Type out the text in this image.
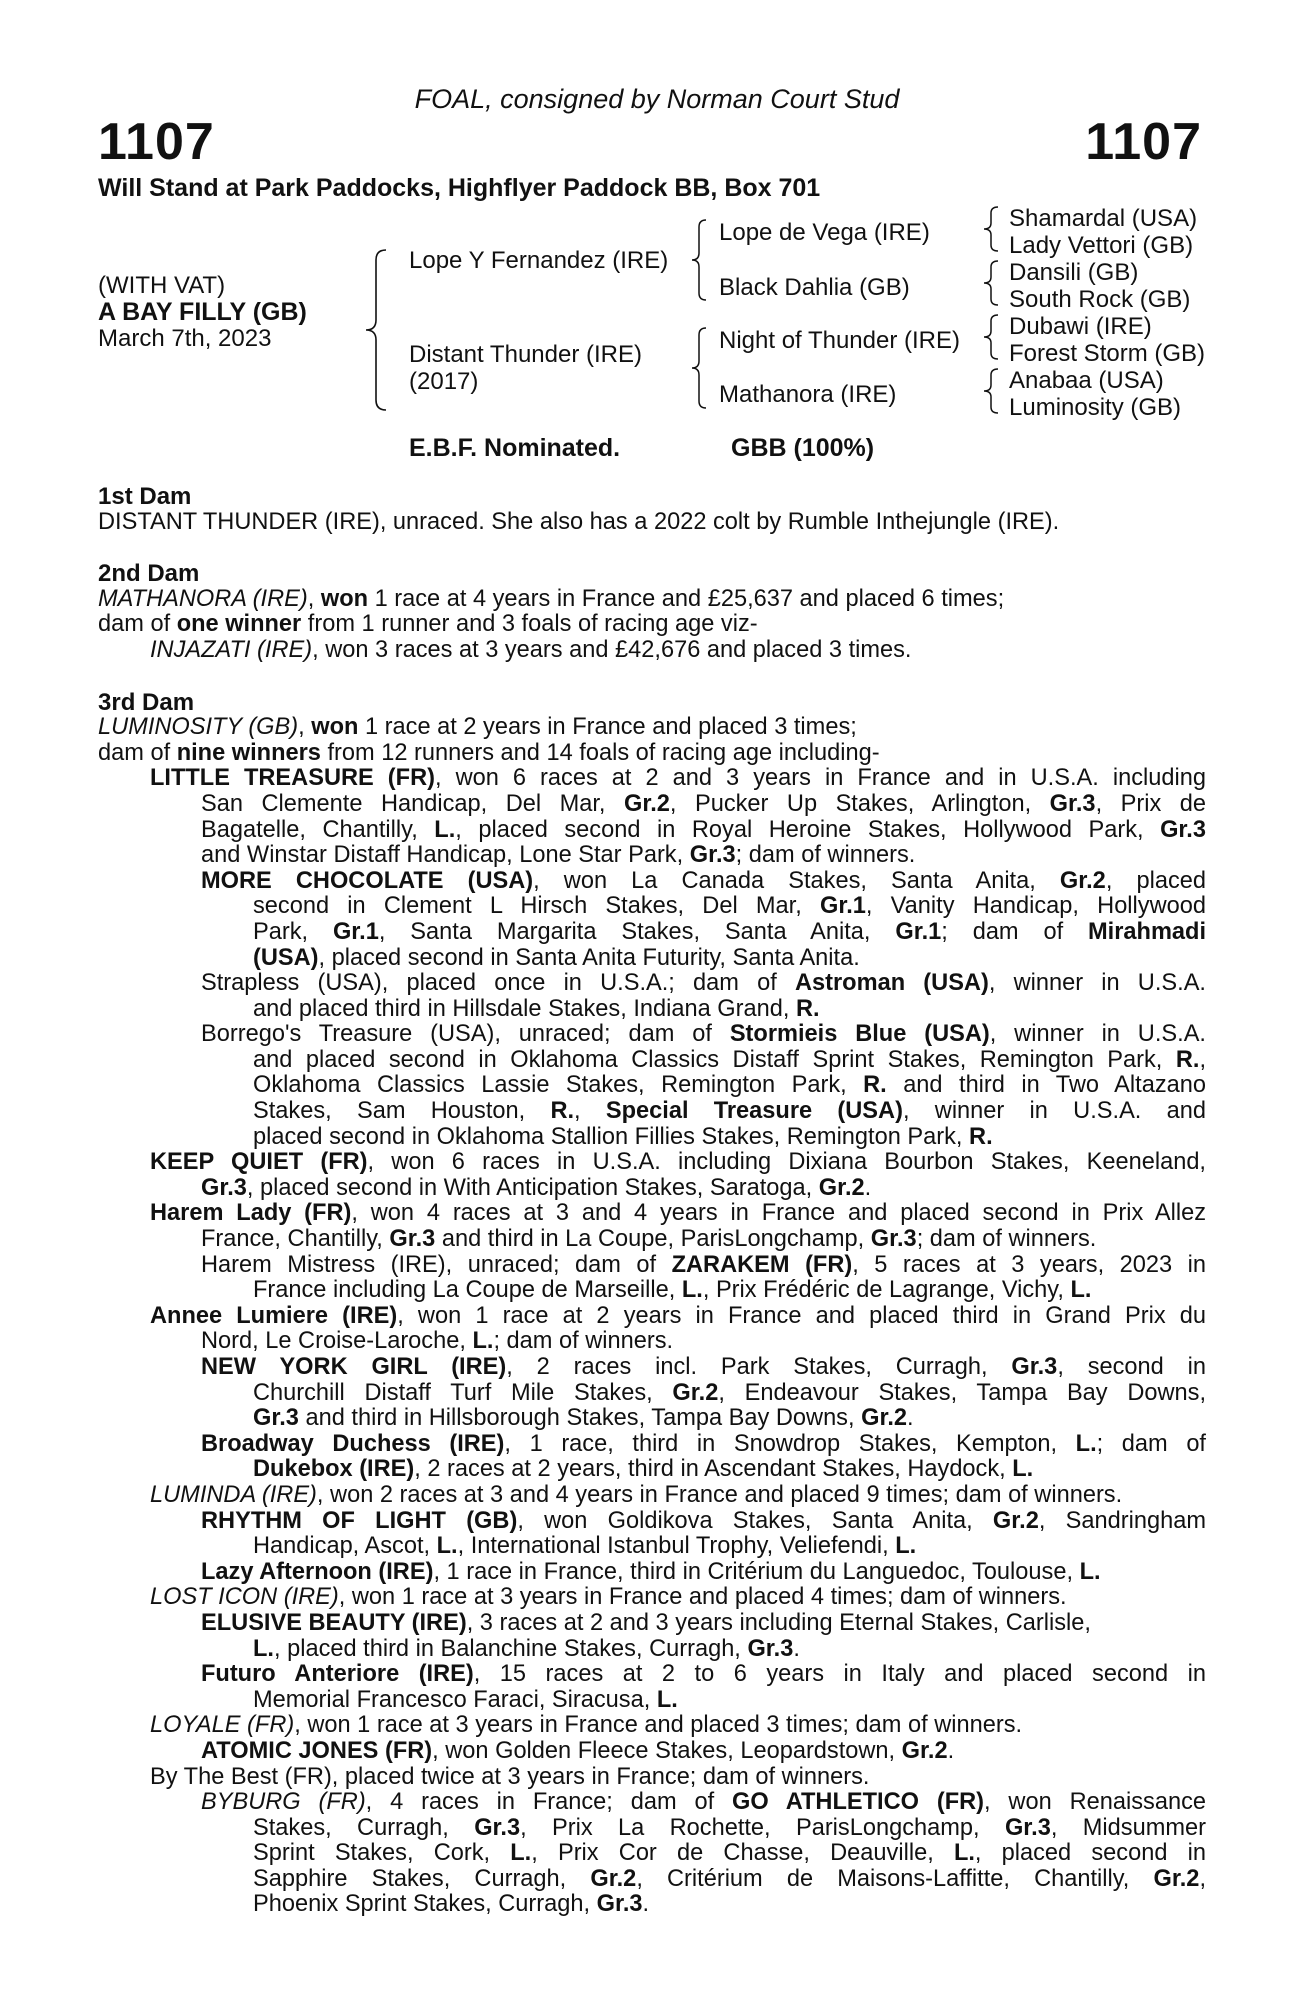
FOAL, consigned by Norman Court Stud
1107	1107
Will Stand at Park Paddocks, Highflyer Paddock BB, Box 701
(WITH VAT)
A BAY FILLY (GB)
March 7th, 2023
Lope Y Fernandez (IRE)
Distant Thunder (IRE)
(2017)
Lope de Vega (IRE)
Black Dahlia (GB)
Night of Thunder (IRE)
Mathanora (IRE)
Shamardal (USA)
Lady Vettori (GB)
Dansili (GB)
South Rock (GB)
Dubawi (IRE)
Forest Storm (GB)
Anabaa (USA)
Luminosity (GB)
E.B.F. Nominated.	GBB (100%)
1st Dam
DISTANT THUNDER (IRE), unraced. She also has a 2022 colt by Rumble Inthejungle (IRE).
2nd Dam
MATHANORA (IRE), won 1 race at 4 years in France and £25,637 and placed 6 times;
dam of one winner from 1 runner and 3 foals of racing age viz-
INJAZATI (IRE), won 3 races at 3 years and £42,676 and placed 3 times.
3rd Dam
LUMINOSITY (GB), won 1 race at 2 years in France and placed 3 times;
dam of nine winners from 12 runners and 14 foals of racing age including-
LITTLE TREASURE (FR), won 6 races at 2 and 3 years in France and in U.S.A. including
San Clemente Handicap, Del Mar, Gr.2, Pucker Up Stakes, Arlington, Gr.3, Prix de
Bagatelle, Chantilly, L., placed second in Royal Heroine Stakes, Hollywood Park, Gr.3
and Winstar Distaff Handicap, Lone Star Park, Gr.3; dam of winners.
MORE CHOCOLATE (USA), won La Canada Stakes, Santa Anita, Gr.2, placed
second in Clement L Hirsch Stakes, Del Mar, Gr.1, Vanity Handicap, Hollywood
Park, Gr.1, Santa Margarita Stakes, Santa Anita, Gr.1; dam of Mirahmadi
(USA), placed second in Santa Anita Futurity, Santa Anita.
Strapless (USA), placed once in U.S.A.; dam of Astroman (USA), winner in U.S.A.
and placed third in Hillsdale Stakes, Indiana Grand, R.
Borrego's Treasure (USA), unraced; dam of Stormieis Blue (USA), winner in U.S.A.
and placed second in Oklahoma Classics Distaff Sprint Stakes, Remington Park, R.,
Oklahoma Classics Lassie Stakes, Remington Park, R. and third in Two Altazano
Stakes, Sam Houston, R., Special Treasure (USA), winner in U.S.A. and
placed second in Oklahoma Stallion Fillies Stakes, Remington Park, R.
KEEP QUIET (FR), won 6 races in U.S.A. including Dixiana Bourbon Stakes, Keeneland,
Gr.3, placed second in With Anticipation Stakes, Saratoga, Gr.2.
Harem Lady (FR), won 4 races at 3 and 4 years in France and placed second in Prix Allez
France, Chantilly, Gr.3 and third in La Coupe, ParisLongchamp, Gr.3; dam of winners.
Harem Mistress (IRE), unraced; dam of ZARAKEM (FR), 5 races at 3 years, 2023 in
France including La Coupe de Marseille, L., Prix Frédéric de Lagrange, Vichy, L.
Annee Lumiere (IRE), won 1 race at 2 years in France and placed third in Grand Prix du
Nord, Le Croise-Laroche, L.; dam of winners.
NEW YORK GIRL (IRE), 2 races incl. Park Stakes, Curragh, Gr.3, second in
Churchill Distaff Turf Mile Stakes, Gr.2, Endeavour Stakes, Tampa Bay Downs,
Gr.3 and third in Hillsborough Stakes, Tampa Bay Downs, Gr.2.
Broadway Duchess (IRE), 1 race, third in Snowdrop Stakes, Kempton, L.; dam of
Dukebox (IRE), 2 races at 2 years, third in Ascendant Stakes, Haydock, L.
LUMINDA (IRE), won 2 races at 3 and 4 years in France and placed 9 times; dam of winners.
RHYTHM OF LIGHT (GB), won Goldikova Stakes, Santa Anita, Gr.2, Sandringham
Handicap, Ascot, L., International Istanbul Trophy, Veliefendi, L.
Lazy Afternoon (IRE), 1 race in France, third in Critérium du Languedoc, Toulouse, L.
LOST ICON (IRE), won 1 race at 3 years in France and placed 4 times; dam of winners.
ELUSIVE BEAUTY (IRE), 3 races at 2 and 3 years including Eternal Stakes, Carlisle,
L., placed third in Balanchine Stakes, Curragh, Gr.3.
Futuro Anteriore (IRE), 15 races at 2 to 6 years in Italy and placed second in
Memorial Francesco Faraci, Siracusa, L.
LOYALE (FR), won 1 race at 3 years in France and placed 3 times; dam of winners.
ATOMIC JONES (FR), won Golden Fleece Stakes, Leopardstown, Gr.2.
By The Best (FR), placed twice at 3 years in France; dam of winners.
BYBURG (FR), 4 races in France; dam of GO ATHLETICO (FR), won Renaissance
Stakes, Curragh, Gr.3, Prix La Rochette, ParisLongchamp, Gr.3, Midsummer
Sprint Stakes, Cork, L., Prix Cor de Chasse, Deauville, L., placed second in
Sapphire Stakes, Curragh, Gr.2, Critérium de Maisons-Laffitte, Chantilly, Gr.2,
Phoenix Sprint Stakes, Curragh, Gr.3.
